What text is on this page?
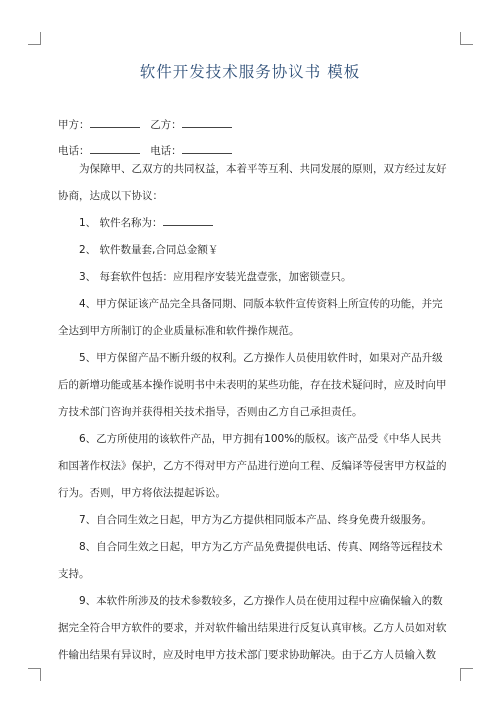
软件开发技术服务协议书 模板
甲方：	乙方：
电话：	电话：
为保障甲、乙双方的共同权益，本着平等互利、共同发展的原则，双方经过友好
协商，达成以下协议：
1、 软件名称为：
2、 软件数量套,合同总金额￥
3、 每套软件包括：应用程序安装光盘壹张，加密锁壹只。
4、甲方保证该产品完全具备同期、同版本软件宣传资料上所宣传的功能，并完
全达到甲方所制订的企业质量标准和软件操作规范。
5、甲方保留产品不断升级的权利。乙方操作人员使用软件时，如果对产品升级
后的新增功能或基本操作说明书中未表明的某些功能，存在技术疑问时，应及时向甲
方技术部门咨询并获得相关技术指导，否则由乙方自己承担责任。
6、乙方所使用的该软件产品，甲方拥有100%的版权。该产品受《中华人民共
和国著作权法》保护，乙方不得对甲方产品进行逆向工程、反编译等侵害甲方权益的
行为。否则，甲方将依法提起诉讼。
7、自合同生效之日起，甲方为乙方提供相同版本产品、终身免费升级服务。
8、自合同生效之日起，甲方为乙方产品免费提供电话、传真、网络等远程技术
支持。
9、本软件所涉及的技术参数较多，乙方操作人员在使用过程中应确保输入的数
据完全符合甲方软件的要求，并对软件输出结果进行反复认真审核。乙方人员如对软
件输出结果有异议时，应及时电甲方技术部门要求协助解决。由于乙方人员输入数
